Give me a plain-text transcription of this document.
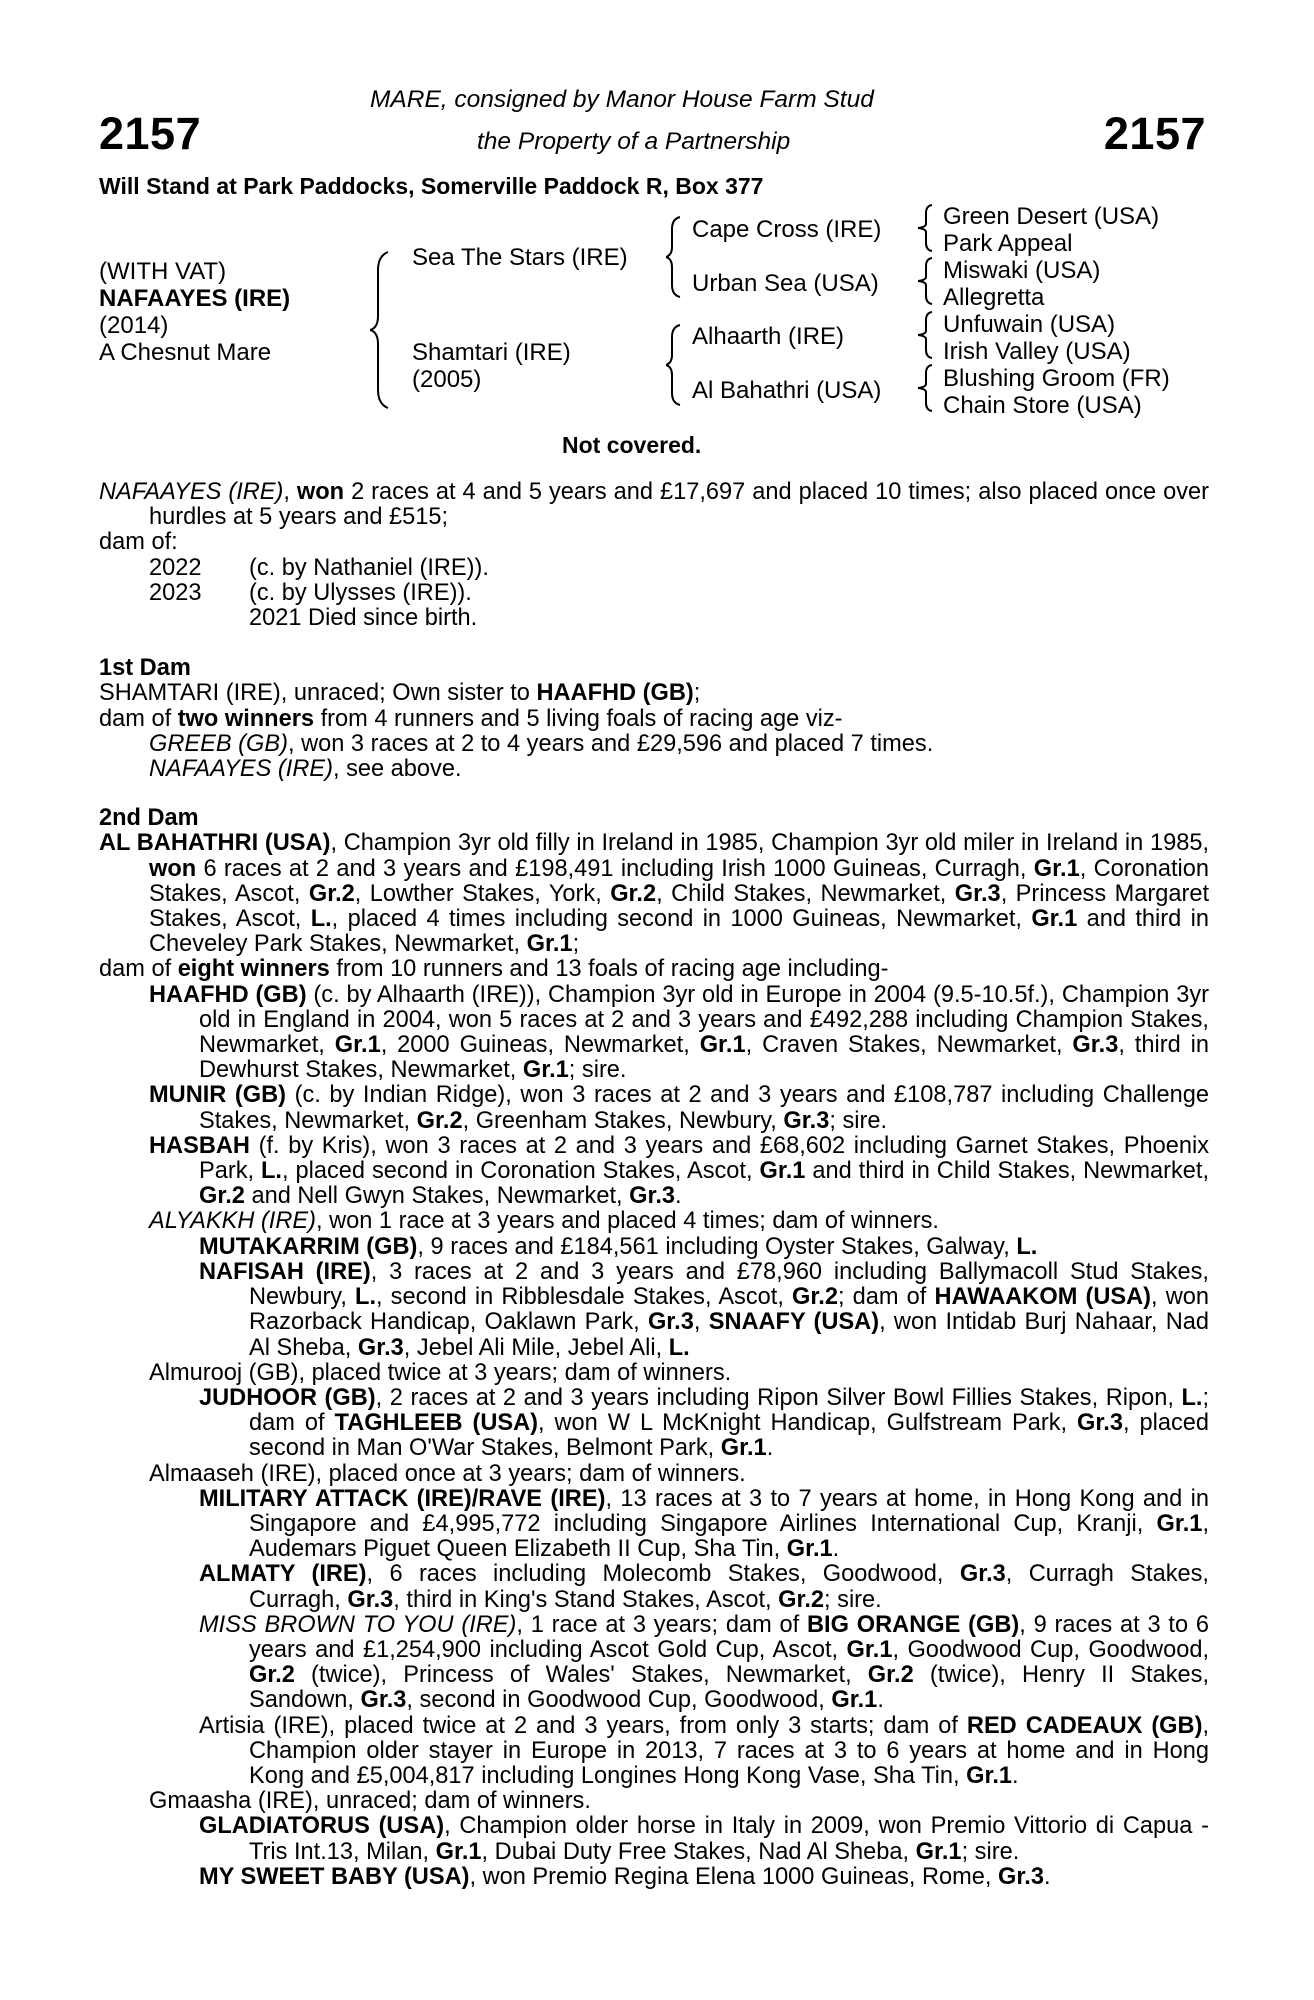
2157	2157
MARE, consigned by Manor House Farm Stud
the Property of a Partnership
Will Stand at Park Paddocks, Somerville Paddock R, Box 377
(WITH VAT)
NAFAAYES (IRE)
(2014)
A Chesnut Mare
Sea The Stars (IRE)
Shamtari (IRE)
(2005)
Cape Cross (IRE)
Urban Sea (USA)
Alhaarth (IRE)
Al Bahathri (USA)
Green Desert (USA)
Park Appeal
Miswaki (USA)
Allegretta
Unfuwain (USA)
Irish Valley (USA)
Blushing Groom (FR)
Chain Store (USA)
Not covered.

NAFAAYES (IRE), won 2 races at 4 and 5 years and £17,697 and placed 10 times; also placed once over hurdles at 5 years and £515;

dam of:

2022	(c. by Nathaniel (IRE)).
2023	(c. by Ulysses (IRE)).
2021 Died since birth.

1st Dam

SHAMTARI (IRE), unraced; Own sister to HAAFHD (GB);

dam of two winners from 4 runners and 5 living foals of racing age viz-

GREEB (GB), won 3 races at 2 to 4 years and £29,596 and placed 7 times.

NAFAAYES (IRE), see above.

2nd Dam

AL BAHATHRI (USA), Champion 3yr old filly in Ireland in 1985, Champion 3yr old miler in Ireland in 1985, won 6 races at 2 and 3 years and £198,491 including Irish 1000 Guineas, Curragh, Gr.1, Coronation Stakes, Ascot, Gr.2, Lowther Stakes, York, Gr.2, Child Stakes, Newmarket, Gr.3, Princess Margaret Stakes, Ascot, L., placed 4 times including second in 1000 Guineas, Newmarket, Gr.1 and third in Cheveley Park Stakes, Newmarket, Gr.1;

dam of eight winners from 10 runners and 13 foals of racing age including-

HAAFHD (GB) (c. by Alhaarth (IRE)), Champion 3yr old in Europe in 2004 (9.5-10.5f.), Champion 3yr old in England in 2004, won 5 races at 2 and 3 years and £492,288 including Champion Stakes, Newmarket, Gr.1, 2000 Guineas, Newmarket, Gr.1, Craven Stakes, Newmarket, Gr.3, third in Dewhurst Stakes, Newmarket, Gr.1; sire.

MUNIR (GB) (c. by Indian Ridge), won 3 races at 2 and 3 years and £108,787 including Challenge Stakes, Newmarket, Gr.2, Greenham Stakes, Newbury, Gr.3; sire.

HASBAH (f. by Kris), won 3 races at 2 and 3 years and £68,602 including Garnet Stakes, Phoenix Park, L., placed second in Coronation Stakes, Ascot, Gr.1 and third in Child Stakes, Newmarket, Gr.2 and Nell Gwyn Stakes, Newmarket, Gr.3.

ALYAKKH (IRE), won 1 race at 3 years and placed 4 times; dam of winners.

MUTAKARRIM (GB), 9 races and £184,561 including Oyster Stakes, Galway, L.

NAFISAH (IRE), 3 races at 2 and 3 years and £78,960 including Ballymacoll Stud Stakes, Newbury, L., second in Ribblesdale Stakes, Ascot, Gr.2; dam of HAWAAKOM (USA), won Razorback Handicap, Oaklawn Park, Gr.3, SNAAFY (USA), won Intidab Burj Nahaar, Nad Al Sheba, Gr.3, Jebel Ali Mile, Jebel Ali, L.

Almurooj (GB), placed twice at 3 years; dam of winners.

JUDHOOR (GB), 2 races at 2 and 3 years including Ripon Silver Bowl Fillies Stakes, Ripon, L.; dam of TAGHLEEB (USA), won W L McKnight Handicap, Gulfstream Park, Gr.3, placed second in Man O'War Stakes, Belmont Park, Gr.1.

Almaaseh (IRE), placed once at 3 years; dam of winners.

MILITARY ATTACK (IRE)/RAVE (IRE), 13 races at 3 to 7 years at home, in Hong Kong and in Singapore and £4,995,772 including Singapore Airlines International Cup, Kranji, Gr.1, Audemars Piguet Queen Elizabeth II Cup, Sha Tin, Gr.1.

ALMATY (IRE), 6 races including Molecomb Stakes, Goodwood, Gr.3, Curragh Stakes, Curragh, Gr.3, third in King's Stand Stakes, Ascot, Gr.2; sire.

MISS BROWN TO YOU (IRE), 1 race at 3 years; dam of BIG ORANGE (GB), 9 races at 3 to 6 years and £1,254,900 including Ascot Gold Cup, Ascot, Gr.1, Goodwood Cup, Goodwood, Gr.2 (twice), Princess of Wales' Stakes, Newmarket, Gr.2 (twice), Henry II Stakes, Sandown, Gr.3, second in Goodwood Cup, Goodwood, Gr.1.

Artisia (IRE), placed twice at 2 and 3 years, from only 3 starts; dam of RED CADEAUX (GB), Champion older stayer in Europe in 2013, 7 races at 3 to 6 years at home and in Hong Kong and £5,004,817 including Longines Hong Kong Vase, Sha Tin, Gr.1.

Gmaasha (IRE), unraced; dam of winners.

GLADIATORUS (USA), Champion older horse in Italy in 2009, won Premio Vittorio di Capua - Tris Int.13, Milan, Gr.1, Dubai Duty Free Stakes, Nad Al Sheba, Gr.1; sire.

MY SWEET BABY (USA), won Premio Regina Elena 1000 Guineas, Rome, Gr.3.
